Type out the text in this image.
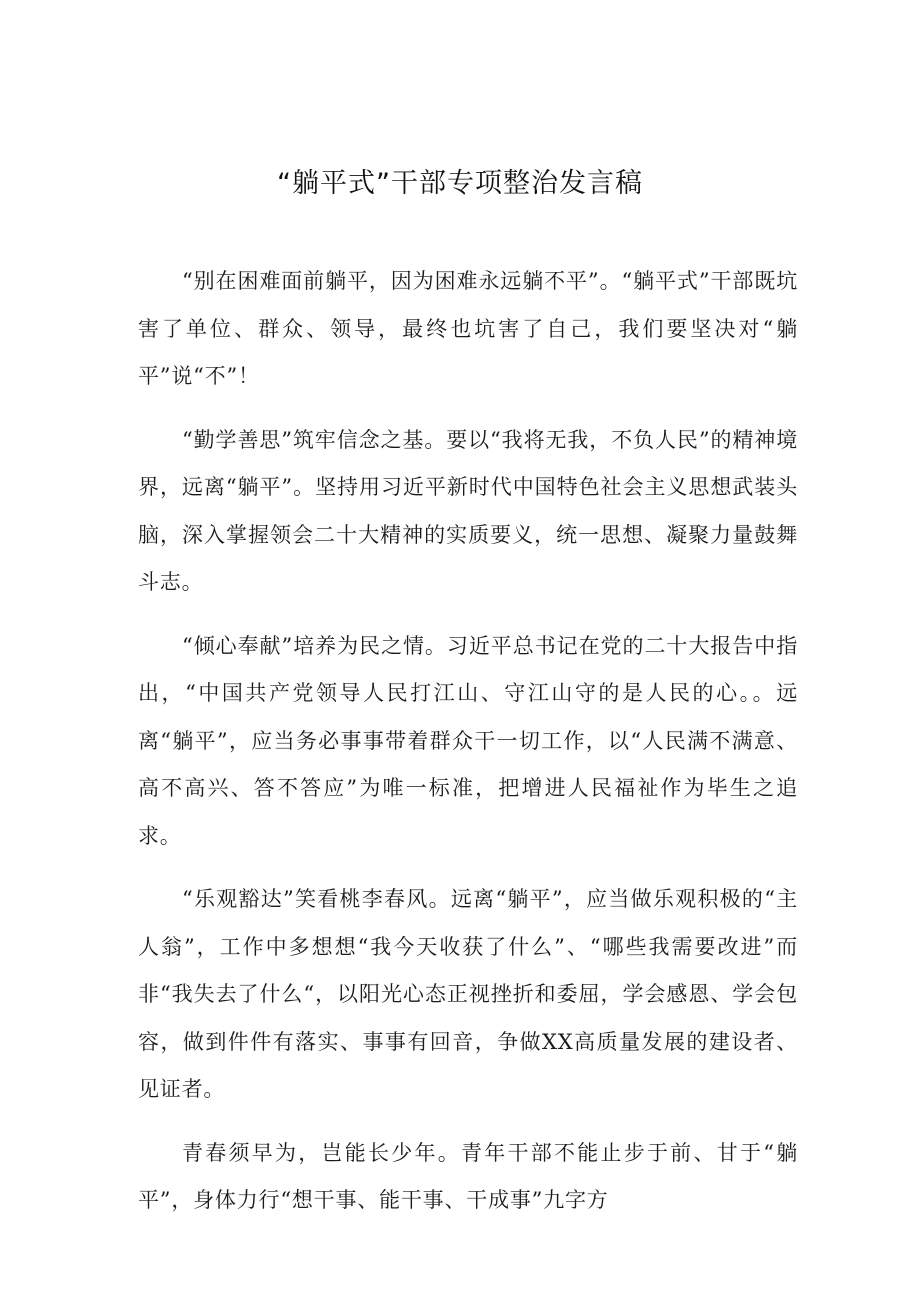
“躺平式”干部专项整治发言稿

“别在困难面前躺平，因为困难永远躺不平”。“躺平式”干部既坑害了单位、群众、领导，最终也坑害了自己，我们要坚决对“躺平”说“不”！

“勤学善思”筑牢信念之基。要以“我将无我，不负人民”的精神境界，远离“躺平”。坚持用习近平新时代中国特色社会主义思想武装头脑，深入掌握领会二十大精神的实质要义，统一思想、凝聚力量鼓舞斗志。

“倾心奉献”培养为民之情。习近平总书记在党的二十大报告中指出，“中国共产党领导人民打江山、守江山守的是人民的心。。远离“躺平”，应当务必事事带着群众干一切工作，以“人民满不满意、高不高兴、答不答应”为唯一标准，把增进人民福祉作为毕生之追求。

“乐观豁达”笑看桃李春风。远离“躺平”，应当做乐观积极的“主人翁”，工作中多想想“我今天收获了什么”、“哪些我需要改进”而非“我失去了什么“，以阳光心态正视挫折和委屈，学会感恩、学会包容，做到件件有落实、事事有回音，争做XX高质量发展的建设者、见证者。

青春须早为，岂能长少年。青年干部不能止步于前、甘于“躺平”，身体力行“想干事、能干事、干成事”九字方
